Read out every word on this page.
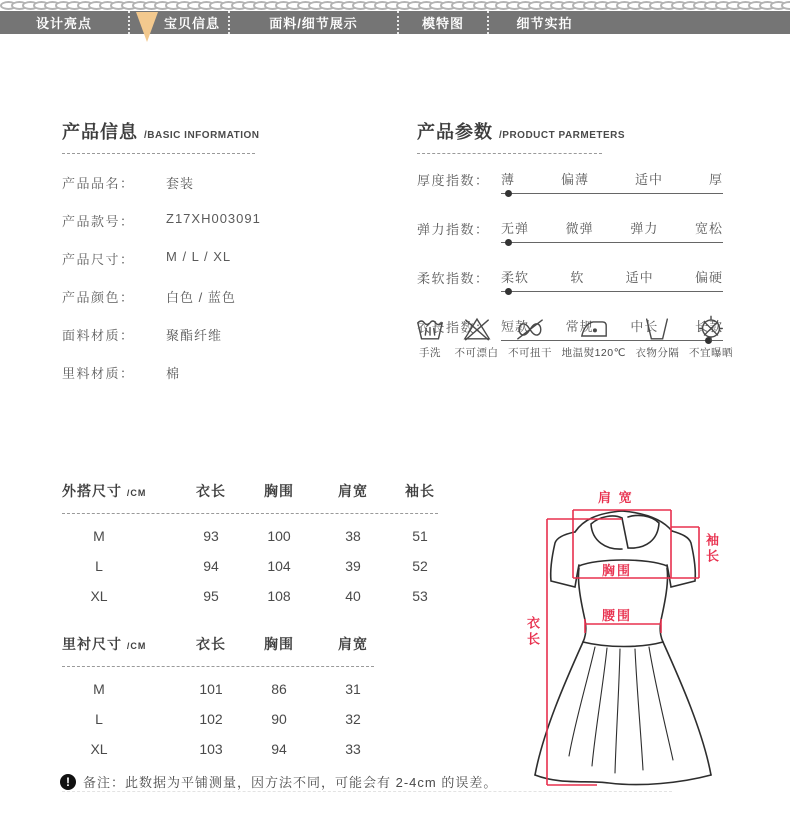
设计亮点	宝贝信息	面料/细节展示	模特图	细节实拍
产品信息 /BASIC INFORMATION
产品品名：	套装
产品款号：	Z17XH003091
产品尺寸：	M / L / XL
产品颜色：	白色 / 蓝色
面料材质：	聚酯纤维
里料材质：	棉
产品参数 /PRODUCT PARMETERS
厚度指数： 薄	偏薄	适中	厚
弹力指数： 无弹	微弹	弹力	宽松
柔软指数： 柔软	软	适中	偏硬
衣长指数： 短款	常规	中长	长款
手洗 不可漂白 不可扭干 地温熨120℃ 衣物分隔 不宜曝晒
外搭尺寸 /CM	衣长	胸围	肩宽	袖长
M	93	100	38	51
L	94	104	39	52
XL	95	108	40	53
里衬尺寸 /CM	衣长	胸围	肩宽
M	101	86	31
L	102	90	32
XL	103	94	33
肩 宽
袖长
胸围
腰围
衣长
!	备注：此数据为平铺测量，因方法不同，可能会有 2-4cm 的误差。
